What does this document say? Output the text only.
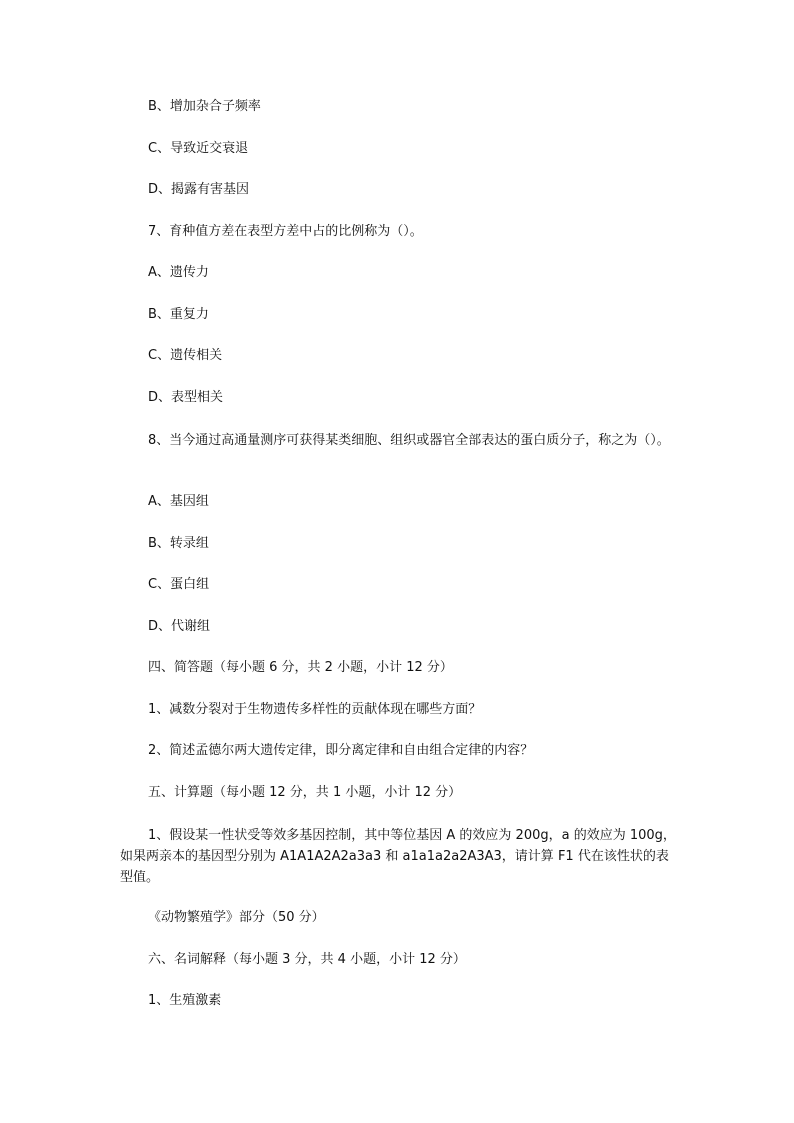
B、增加杂合子频率
C、导致近交衰退
D、揭露有害基因
7、育种值方差在表型方差中占的比例称为（）。
A、遗传力
B、重复力
C、遗传相关
D、表型相关
8、当今通过高通量测序可获得某类细胞、组织或器官全部表达的蛋白质分子，称之为（）。
A、基因组
B、转录组
C、蛋白组
D、代谢组
四、简答题（每小题 6 分，共 2 小题，小计 12 分）
1、减数分裂对于生物遗传多样性的贡献体现在哪些方面？
2、简述孟德尔两大遗传定律，即分离定律和自由组合定律的内容？
五、计算题（每小题 12 分，共 1 小题，小计 12 分）
1、假设某一性状受等效多基因控制，其中等位基因 A 的效应为 200g，a 的效应为 100g，如果两亲本的基因型分别为 A1A1A2A2a3a3 和 a1a1a2a2A3A3，请计算 F1 代在该性状的表型值。
《动物繁殖学》部分（50 分）
六、名词解释（每小题 3 分，共 4 小题，小计 12 分）
1、生殖激素
